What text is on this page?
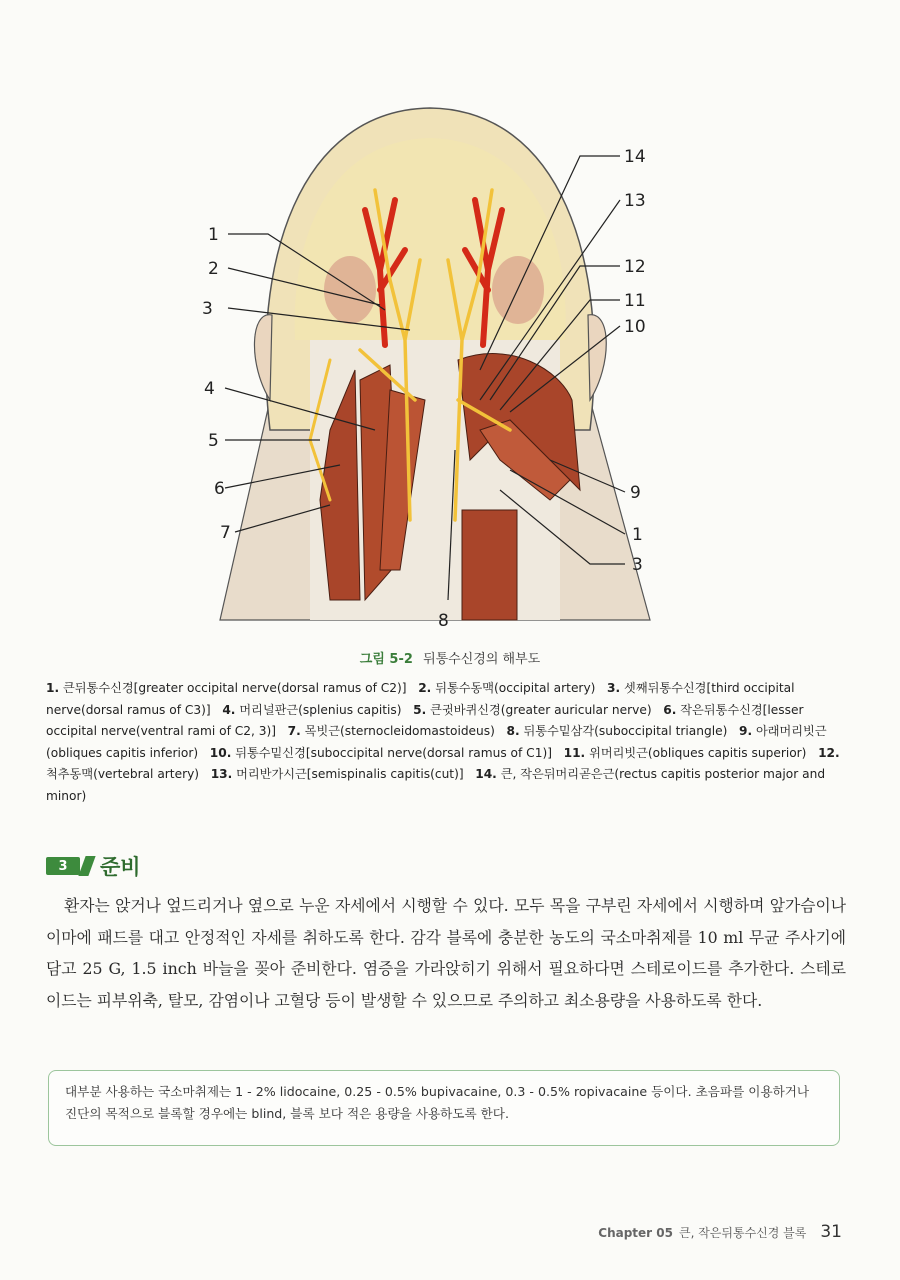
1
2
3
4
5
6
7
14
13
12
11
10
9
1
3
8
그림 5-2 뒤통수신경의 해부도
1. 큰뒤통수신경[greater occipital nerve(dorsal ramus of C2)] 2. 뒤통수동맥(occipital artery) 3. 셋째뒤통수신경[third occipital nerve(dorsal ramus of C3)] 4. 머리널판근(splenius capitis) 5. 큰귓바퀴신경(greater auricular nerve) 6. 작은뒤통수신경[lesser occipital nerve(ventral rami of C2, 3)] 7. 목빗근(sternocleidomastoideus) 8. 뒤통수밑삼각(suboccipital triangle) 9. 아래머리빗근(obliques capitis inferior) 10. 뒤통수밑신경[suboccipital nerve(dorsal ramus of C1)] 11. 위머리빗근(obliques capitis superior) 12. 척추동맥(vertebral artery) 13. 머리반가시근[semispinalis capitis(cut)] 14. 큰, 작은뒤머리곧은근(rectus capitis posterior major and minor)
3	준비
환자는 앉거나 엎드리거나 옆으로 누운 자세에서 시행할 수 있다. 모두 목을 구부린 자세에서 시행하며 앞가슴이나 이마에 패드를 대고 안정적인 자세를 취하도록 한다. 감각 블록에 충분한 농도의 국소마취제를 10 ml 무균 주사기에 담고 25 G, 1.5 inch 바늘을 꽂아 준비한다. 염증을 가라앉히기 위해서 필요하다면 스테로이드를 추가한다. 스테로이드는 피부위축, 탈모, 감염이나 고혈당 등이 발생할 수 있으므로 주의하고 최소용량을 사용하도록 한다.
대부분 사용하는 국소마취제는 1 - 2% lidocaine, 0.25 - 0.5% bupivacaine, 0.3 - 0.5% ropivacaine 등이다. 초음파를 이용하거나 진단의 목적으로 블록할 경우에는 blind, 블록 보다 적은 용량을 사용하도록 한다.
Chapter 05 큰, 작은뒤통수신경 블록 31
